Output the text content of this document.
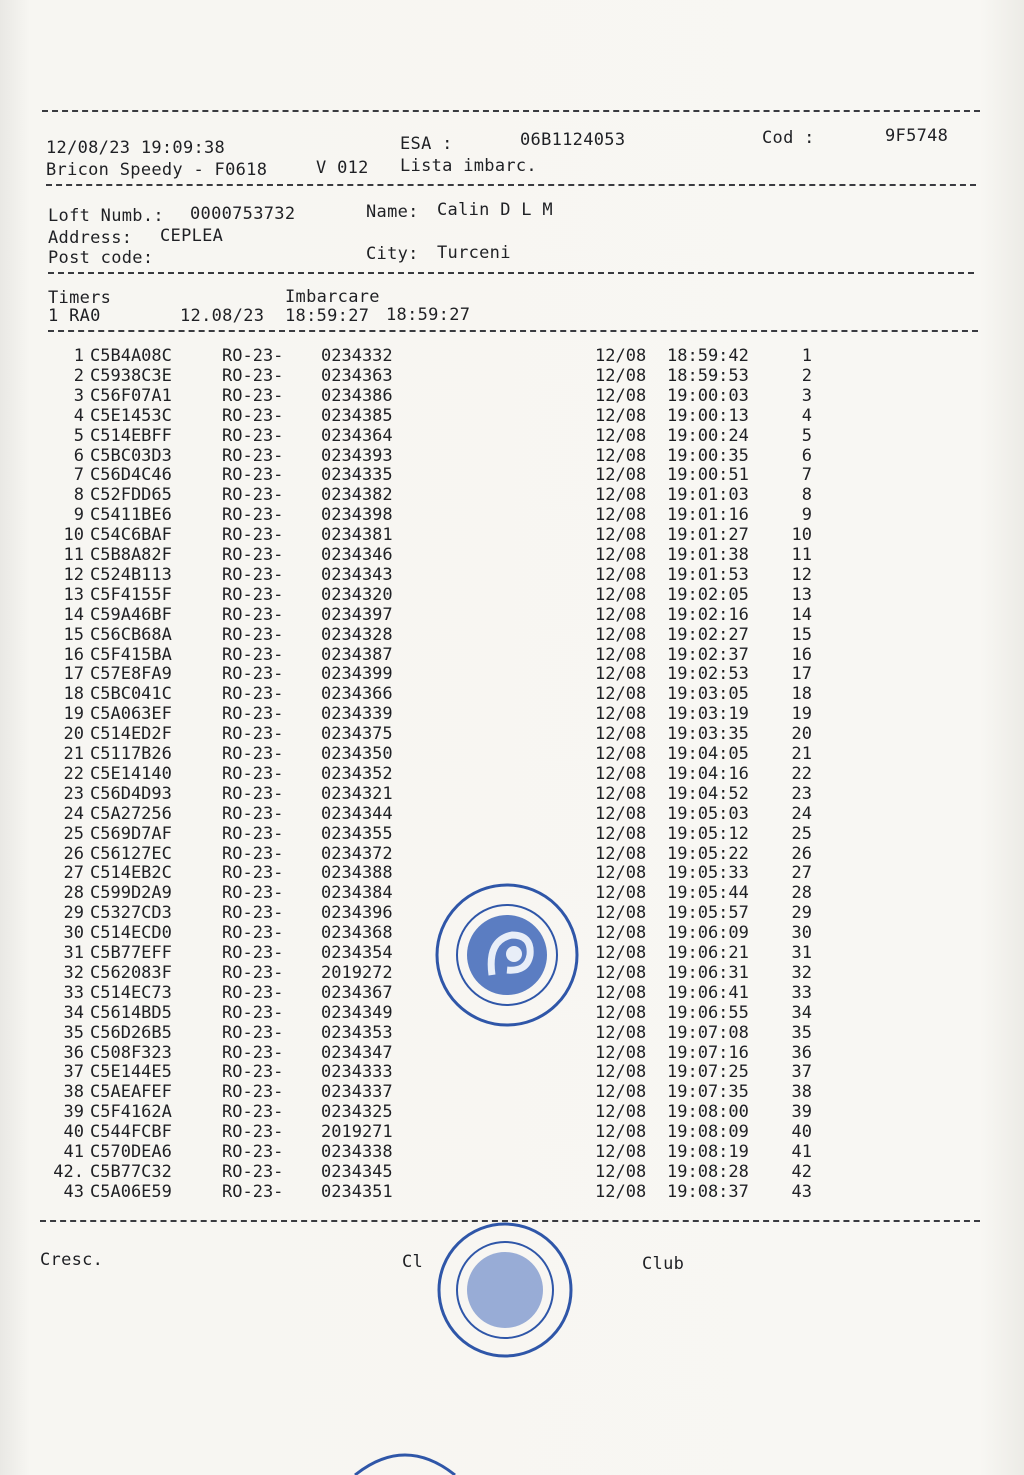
12/08/23 19:09:38	ESA :	06B1124053	Cod :	9F5748
Bricon Speedy - F0618	V 012 Lista imbarc.
Loft Numb.: 0000753732	Name: Calin D L M
Address: CEPLEA
Post code:	City: Turceni
Timers	Imbarcare
1 RA0	12.08/23 18:59:27 18:59:27
1 C5B4A08C	RO-23- 0234332	12/08 18:59:42	1
2 C5938C3E	RO-23- 0234363	12/08 18:59:53	2
3 C56F07A1	RO-23- 0234386	12/08 19:00:03	3
4 C5E1453C	RO-23- 0234385	12/08 19:00:13	4
5 C514EBFF	RO-23- 0234364	12/08 19:00:24	5
6 C5BC03D3	RO-23- 0234393	12/08 19:00:35	6
7 C56D4C46	RO-23- 0234335	12/08 19:00:51	7
8 C52FDD65	RO-23- 0234382	12/08 19:01:03	8
9 C5411BE6	RO-23- 0234398	12/08 19:01:16	9
10 C54C6BAF	RO-23- 0234381	12/08 19:01:27	10
11 C5B8A82F	RO-23- 0234346	12/08 19:01:38	11
12 C524B113	RO-23- 0234343	12/08 19:01:53	12
13 C5F4155F	RO-23- 0234320	12/08 19:02:05	13
14 C59A46BF	RO-23- 0234397	12/08 19:02:16	14
15 C56CB68A	RO-23- 0234328	12/08 19:02:27	15
16 C5F415BA	RO-23- 0234387	12/08 19:02:37	16
17 C57E8FA9	RO-23- 0234399	12/08 19:02:53	17
18 C5BC041C	RO-23- 0234366	12/08 19:03:05	18
19 C5A063EF	RO-23- 0234339	12/08 19:03:19	19
20 C514ED2F	RO-23- 0234375	12/08 19:03:35	20
21 C5117B26	RO-23- 0234350	12/08 19:04:05	21
22 C5E14140	RO-23- 0234352	12/08 19:04:16	22
23 C56D4D93	RO-23- 0234321	12/08 19:04:52	23
24 C5A27256	RO-23- 0234344	12/08 19:05:03	24
25 C569D7AF	RO-23- 0234355	12/08 19:05:12	25
26 C56127EC	RO-23- 0234372	12/08 19:05:22	26
27 C514EB2C	RO-23- 0234388	12/08 19:05:33	27
28 C599D2A9	RO-23- 0234384	12/08 19:05:44	28
29 C5327CD3	RO-23- 0234396	12/08 19:05:57	29
30 C514ECD0	RO-23- 0234368	12/08 19:06:09	30
31 C5B77EFF	RO-23- 0234354	12/08 19:06:21	31
32 C562083F	RO-23- 2019272	12/08 19:06:31	32
33 C514EC73	RO-23- 0234367	12/08 19:06:41	33
34 C5614BD5	RO-23- 0234349	12/08 19:06:55	34
35 C56D26B5	RO-23- 0234353	12/08 19:07:08	35
36 C508F323	RO-23- 0234347	12/08 19:07:16	36
37 C5E144E5	RO-23- 0234333	12/08 19:07:25	37
38 C5AEAFEF	RO-23- 0234337	12/08 19:07:35	38
39 C5F4162A	RO-23- 0234325	12/08 19:08:00	39
40 C544FCBF	RO-23- 2019271	12/08 19:08:09	40
41 C570DEA6	RO-23- 0234338	12/08 19:08:19	41
42. C5B77C32	RO-23- 0234345	12/08 19:08:28	42
43 C5A06E59	RO-23- 0234351	12/08 19:08:37	43
Cresc.	Cl	Club
